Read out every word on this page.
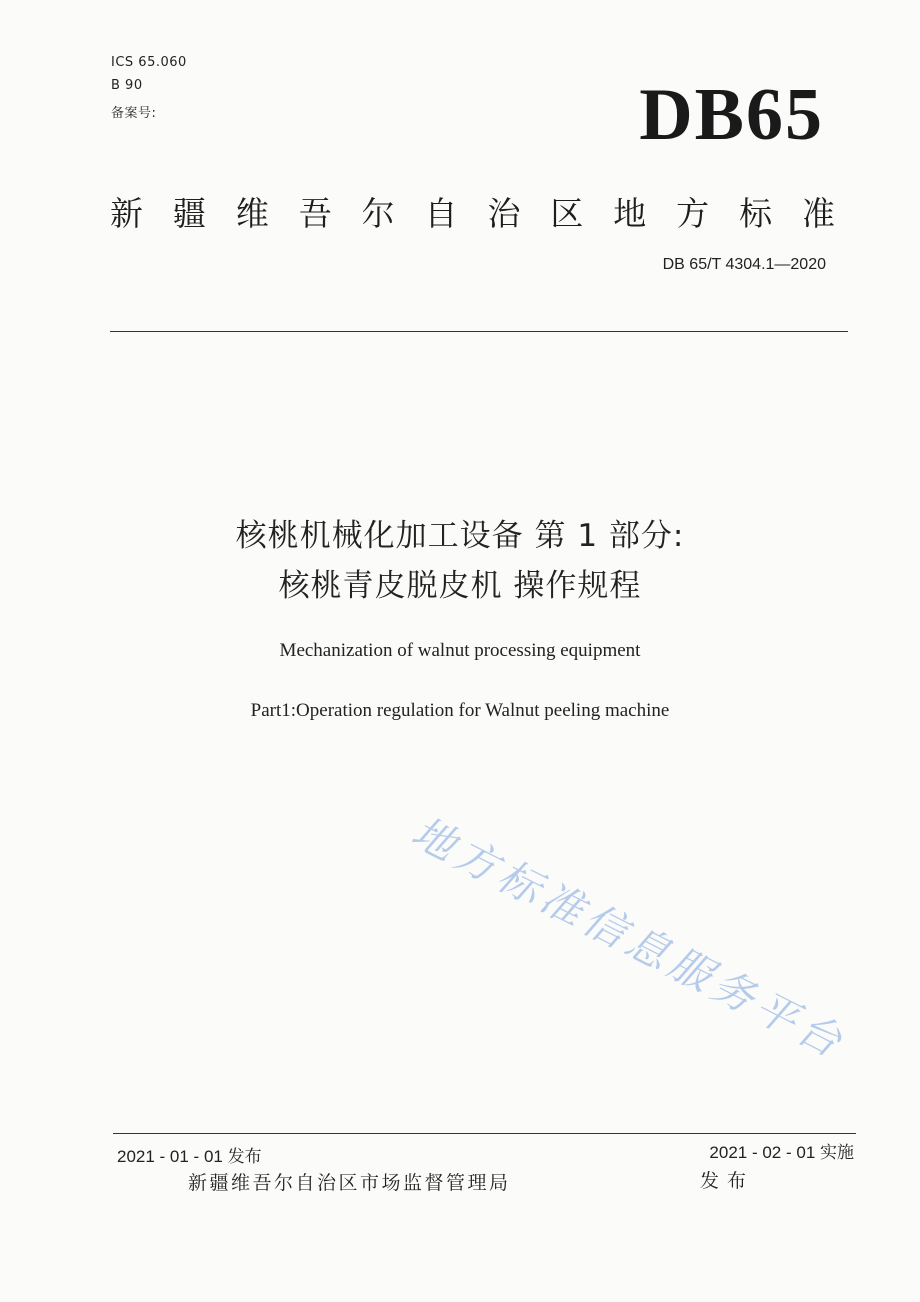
ICS 65.060
B 90
备案号:	DB65
新 疆 维 吾 尔 自 治 区 地 方 标 准
DB 65/T 4304.1—2020
核桃机械化加工设备 第 1 部分:
核桃青皮脱皮机 操作规程
Mechanization of walnut processing equipment
Part1:Operation regulation for Walnut peeling machine
地方标准信息服务平台
2021 - 01 - 01 发布	2021 - 02 - 01 实施
新疆维吾尔自治区市场监督管理局	发布
